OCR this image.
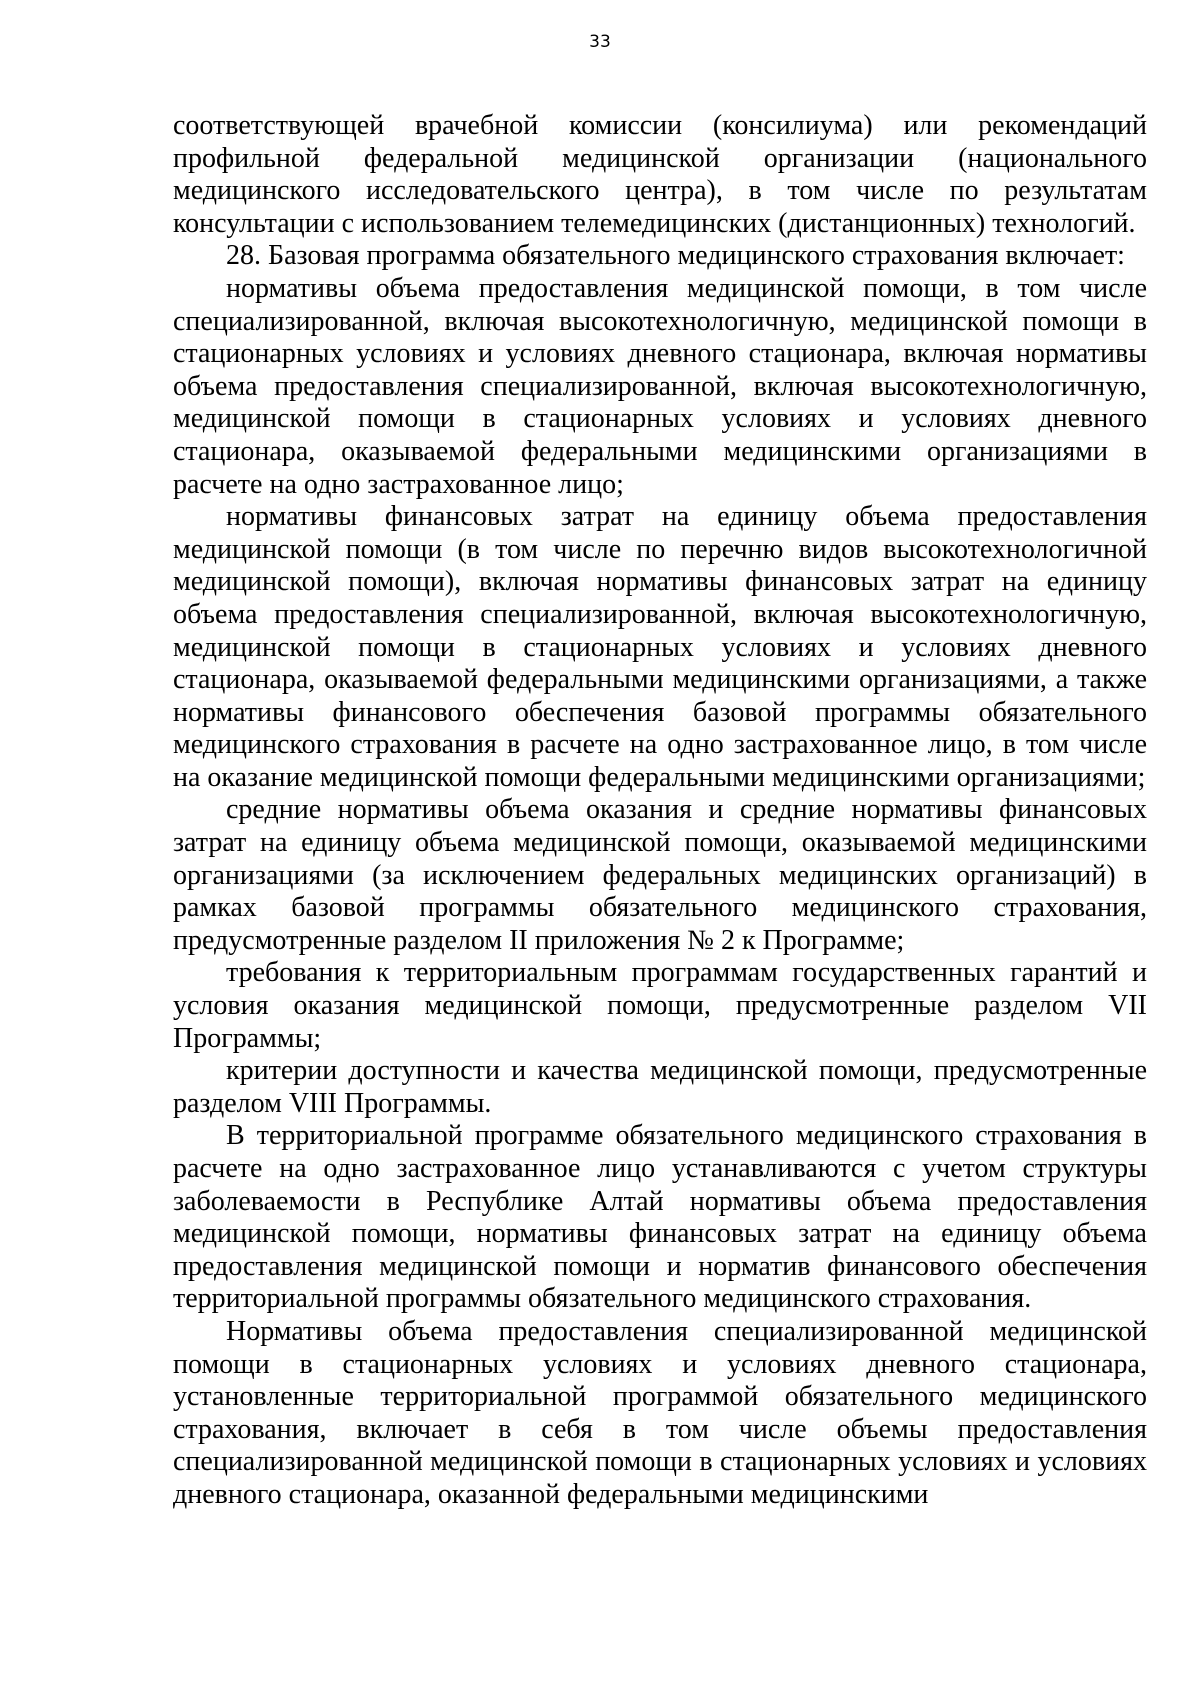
33

соответствующей врачебной комиссии (консилиума) или рекомендаций профильной федеральной медицинской организации (национального медицинского исследовательского центра), в том числе по результатам консультации с использованием телемедицинских (дистанционных) технологий.

28. Базовая программа обязательного медицинского страхования включает:

нормативы объема предоставления медицинской помощи, в том числе специализированной, включая высокотехнологичную, медицинской помощи в стационарных условиях и условиях дневного стационара, включая нормативы объема предоставления специализированной, включая высокотехнологичную, медицинской помощи в стационарных условиях и условиях дневного стационара, оказываемой федеральными медицинскими организациями в расчете на одно застрахованное лицо;

нормативы финансовых затрат на единицу объема предоставления медицинской помощи (в том числе по перечню видов высокотехнологичной медицинской помощи), включая нормативы финансовых затрат на единицу объема предоставления специализированной, включая высокотехнологичную, медицинской помощи в стационарных условиях и условиях дневного стационара, оказываемой федеральными медицинскими организациями, а также нормативы финансового обеспечения базовой программы обязательного медицинского страхования в расчете на одно застрахованное лицо, в том числе на оказание медицинской помощи федеральными медицинскими организациями;

средние нормативы объема оказания и средние нормативы финансовых затрат на единицу объема медицинской помощи, оказываемой медицинскими организациями (за исключением федеральных медицинских организаций) в рамках базовой программы обязательного медицинского страхования, предусмотренные разделом II приложения № 2 к Программе;

требования к территориальным программам государственных гарантий и условия оказания медицинской помощи, предусмотренные разделом VII Программы;

критерии доступности и качества медицинской помощи, предусмотренные разделом VIII Программы.

В территориальной программе обязательного медицинского страхования в расчете на одно застрахованное лицо устанавливаются с учетом структуры заболеваемости в Республике Алтай нормативы объема предоставления медицинской помощи, нормативы финансовых затрат на единицу объема предоставления медицинской помощи и норматив финансового обеспечения территориальной программы обязательного медицинского страхования.

Нормативы объема предоставления специализированной медицинской помощи в стационарных условиях и условиях дневного стационара, установленные территориальной программой обязательного медицинского страхования, включает в себя в том числе объемы предоставления специализированной медицинской помощи в стационарных условиях и условиях дневного стационара, оказанной федеральными медицинскими
